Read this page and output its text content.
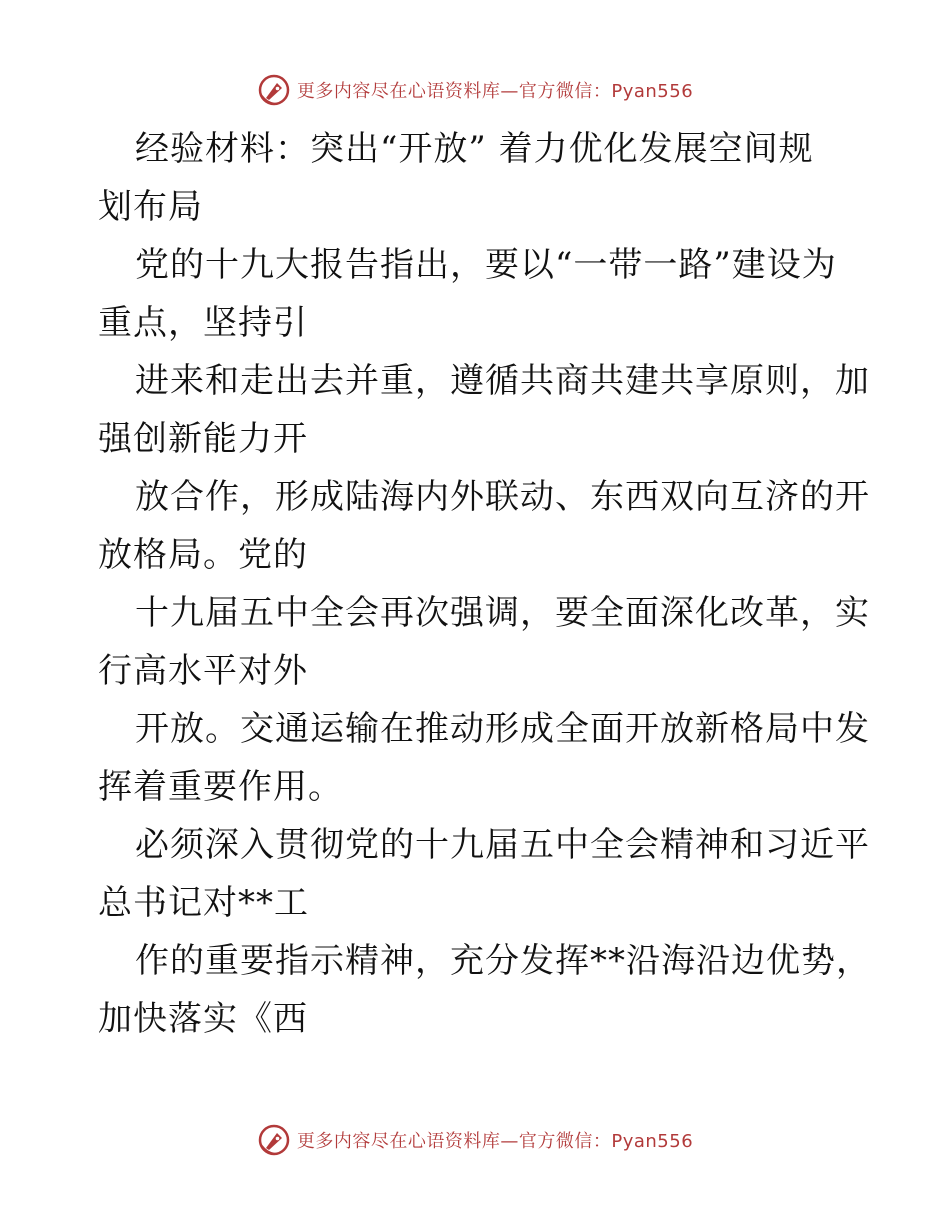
更多内容尽在心语资料库—官方微信：Pyan556
经验材料：突出“开放” 着力优化发展空间规
划布局
党的十九大报告指出，要以“一带一路”建设为
重点，坚持引
进来和走出去并重，遵循共商共建共享原则，加
强创新能力开
放合作，形成陆海内外联动、东西双向互济的开
放格局。党的
十九届五中全会再次强调，要全面深化改革，实
行高水平对外
开放。交通运输在推动形成全面开放新格局中发
挥着重要作用。
必须深入贯彻党的十九届五中全会精神和习近平
总书记对**工
作的重要指示精神，充分发挥**沿海沿边优势，
加快落实《西
更多内容尽在心语资料库—官方微信：Pyan556
